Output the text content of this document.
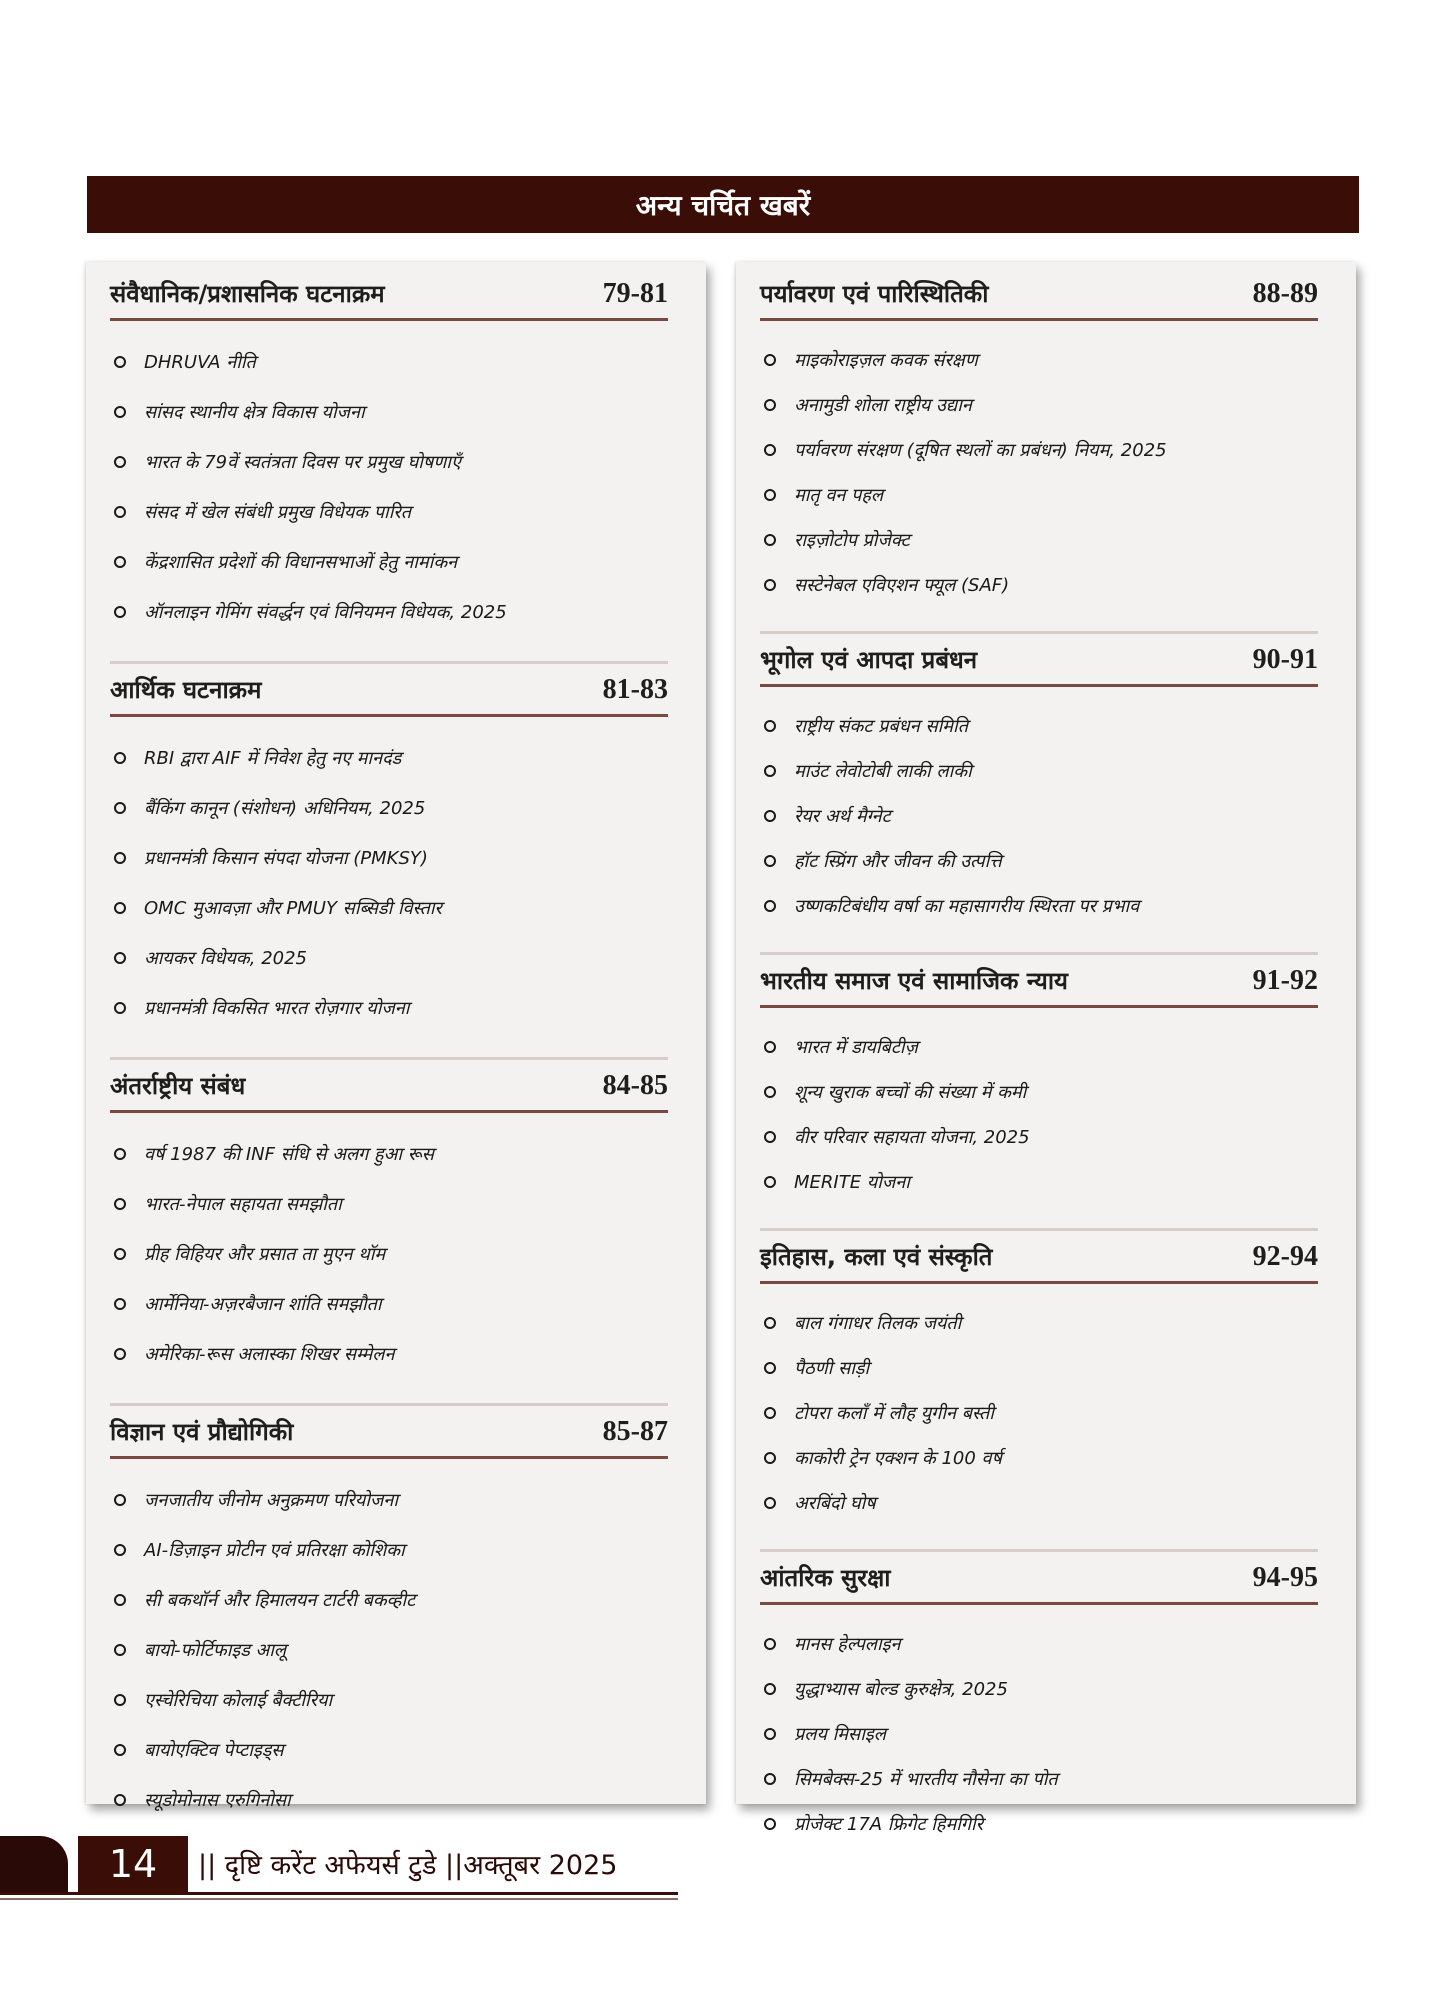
अन्य चर्चित खबरें
संवैधानिक/प्रशासनिक घटनाक्रम	79-81
DHRUVA नीति
सांसद स्थानीय क्षेत्र विकास योजना
भारत के 79वें स्वतंत्रता दिवस पर प्रमुख घोषणाएँ
संसद में खेल संबंधी प्रमुख विधेयक पारित
केंद्रशासित प्रदेशों की विधानसभाओं हेतु नामांकन
ऑनलाइन गेमिंग संवर्द्धन एवं विनियमन विधेयक, 2025
आर्थिक घटनाक्रम	81-83
RBI द्वारा AIF में निवेश हेतु नए मानदंड
बैंकिंग कानून (संशोधन) अधिनियम, 2025
प्रधानमंत्री किसान संपदा योजना (PMKSY)
OMC मुआवज़ा और PMUY सब्सिडी विस्तार
आयकर विधेयक, 2025
प्रधानमंत्री विकसित भारत रोज़गार योजना
अंतर्राष्ट्रीय संबंध	84-85
वर्ष 1987 की INF संधि से अलग हुआ रूस
भारत-नेपाल सहायता समझौता
प्रीह विहियर और प्रसात ता मुएन थॉम
आर्मेनिया-अज़रबैजान शांति समझौता
अमेरिका-रूस अलास्का शिखर सम्मेलन
विज्ञान एवं प्रौद्योगिकी	85-87
जनजातीय जीनोम अनुक्रमण परियोजना
AI-डिज़ाइन प्रोटीन एवं प्रतिरक्षा कोशिका
सी बकथॉर्न और हिमालयन टार्टरी बकव्हीट
बायो-फोर्टिफाइड आलू
एस्चेरिचिया कोलाई बैक्टीरिया
बायोएक्टिव पेप्टाइड्स
स्यूडोमोनास एरुगिनोसा
पर्यावरण एवं पारिस्थितिकी	88-89
माइकोराइज़ल कवक संरक्षण
अनामुडी शोला राष्ट्रीय उद्यान
पर्यावरण संरक्षण (दूषित स्थलों का प्रबंधन) नियम, 2025
मातृ वन पहल
राइज़ोटोप प्रोजेक्ट
सस्टेनेबल एविएशन फ्यूल (SAF)
भूगोल एवं आपदा प्रबंधन	90-91
राष्ट्रीय संकट प्रबंधन समिति
माउंट लेवोटोबी लाकी लाकी
रेयर अर्थ मैग्नेट
हॉट स्प्रिंग और जीवन की उत्पत्ति
उष्णकटिबंधीय वर्षा का महासागरीय स्थिरता पर प्रभाव
भारतीय समाज एवं सामाजिक न्याय	91-92
भारत में डायबिटीज़
शून्य खुराक बच्चों की संख्या में कमी
वीर परिवार सहायता योजना, 2025
MERITE योजना
इतिहास, कला एवं संस्कृति	92-94
बाल गंगाधर तिलक जयंती
पैठणी साड़ी
टोपरा कलाँ में लौह युगीन बस्ती
काकोरी ट्रेन एक्शन के 100 वर्ष
अरबिंदो घोष
आंतरिक सुरक्षा	94-95
मानस हेल्पलाइन
युद्धाभ्यास बोल्ड कुरुक्षेत्र, 2025
प्रलय मिसाइल
सिमबेक्स-25 में भारतीय नौसेना का पोत
प्रोजेक्ट 17A फ्रिगेट हिमगिरि
14	|| दृष्टि करेंट अफेयर्स टुडे ||अक्तूबर 2025
